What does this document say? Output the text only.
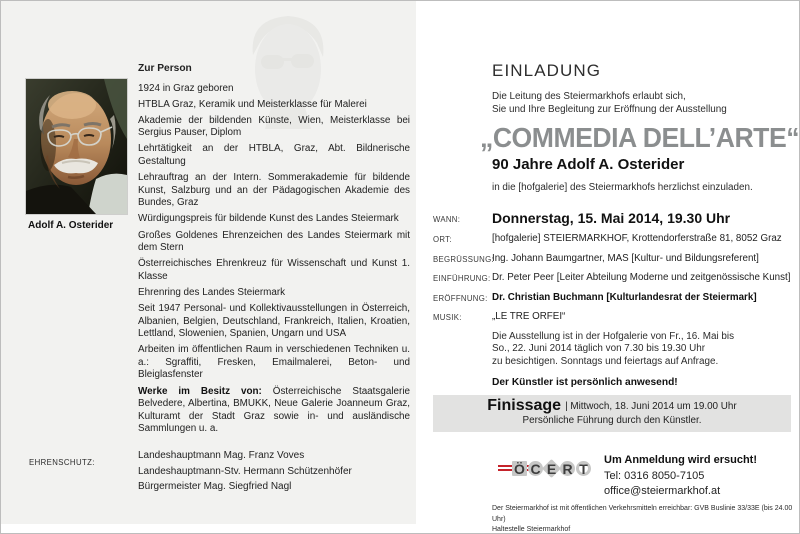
Adolf A. Osterider
Zur Person
1924 in Graz geboren
HTBLA Graz, Keramik und Meisterklasse für Malerei
Akademie der bildenden Künste, Wien, Meisterklasse bei Sergius Pauser, Diplom
Lehrtätigkeit an der HTBLA, Graz, Abt. Bildnerische Gestaltung
Lehrauftrag an der Intern. Sommerakademie für bildende Kunst, Salzburg und an der Pädagogischen Akademie des Bundes, Graz
Würdigungspreis für bildende Kunst des Landes Steiermark
Großes Goldenes Ehrenzeichen des Landes Steiermark mit dem Stern
Österreichisches Ehrenkreuz für Wissenschaft und Kunst 1. Klasse
Ehrenring des Landes Steiermark
Seit 1947 Personal- und Kollektivausstellungen in Österreich, Albanien, Belgien, Deutschland, Frankreich, Italien, Kroatien, Lettland, Slowenien, Spanien, Ungarn und USA
Arbeiten im öffentlichen Raum in verschiedenen Techniken u. a.: Sgraffiti, Fresken, Emailmalerei, Beton- und Bleiglasfenster
Werke im Besitz von: Österreichische Staatsgalerie Belvedere, Albertina, BMUKK, Neue Galerie Joanneum Graz, Kulturamt der Stadt Graz sowie in- und ausländische Sammlungen u. a.
EHRENSCHUTZ:
Landeshauptmann Mag. Franz Voves
Landeshauptmann-Stv. Hermann Schützenhöfer
Bürgermeister Mag. Siegfried Nagl
EINLADUNG
Die Leitung des Steiermarkhofs erlaubt sich,
Sie und Ihre Begleitung zur Eröffnung der Ausstellung
„COMMEDIA DELL’ARTE“
90 Jahre Adolf A. Osterider
in die [hofgalerie] des Steiermarkhofs herzlichst einzuladen.
WANN:	Donnerstag, 15. Mai 2014, 19.30 Uhr
ORT:	[hofgalerie] STEIERMARKHOF, Krottendorferstraße 81, 8052 Graz
BEGRÜSSUNG:
Ing. Johann Baumgartner, MAS [Kultur- und Bildungsreferent]
EINFÜHRUNG: Dr. Peter Peer [Leiter Abteilung Moderne und zeitgenössische Kunst]
ERÖFFNUNG: Dr. Christian Buchmann [Kulturlandesrat der Steiermark]
MUSIK:	„LE TRE ORFEI“
Die Ausstellung ist in der Hofgalerie von Fr., 16. Mai bis
So., 22. Juni 2014 täglich von 7.30 bis 19.30 Uhr
zu besichtigen. Sonntags und feiertags auf Anfrage.
Der Künstler ist persönlich anwesend!
Finissage | Mittwoch, 18. Juni 2014 um 19.00 Uhr
Persönliche Führung durch den Künstler.
Ö C E R T
Um Anmeldung wird ersucht!
Tel: 0316 8050-7105
office@steiermarkhof.at
Der Steiermarkhof ist mit öffentlichen Verkehrsmitteln erreichbar: GVB Buslinie 33/33E (bis 24.00 Uhr)
Haltestelle Steiermarkhof
